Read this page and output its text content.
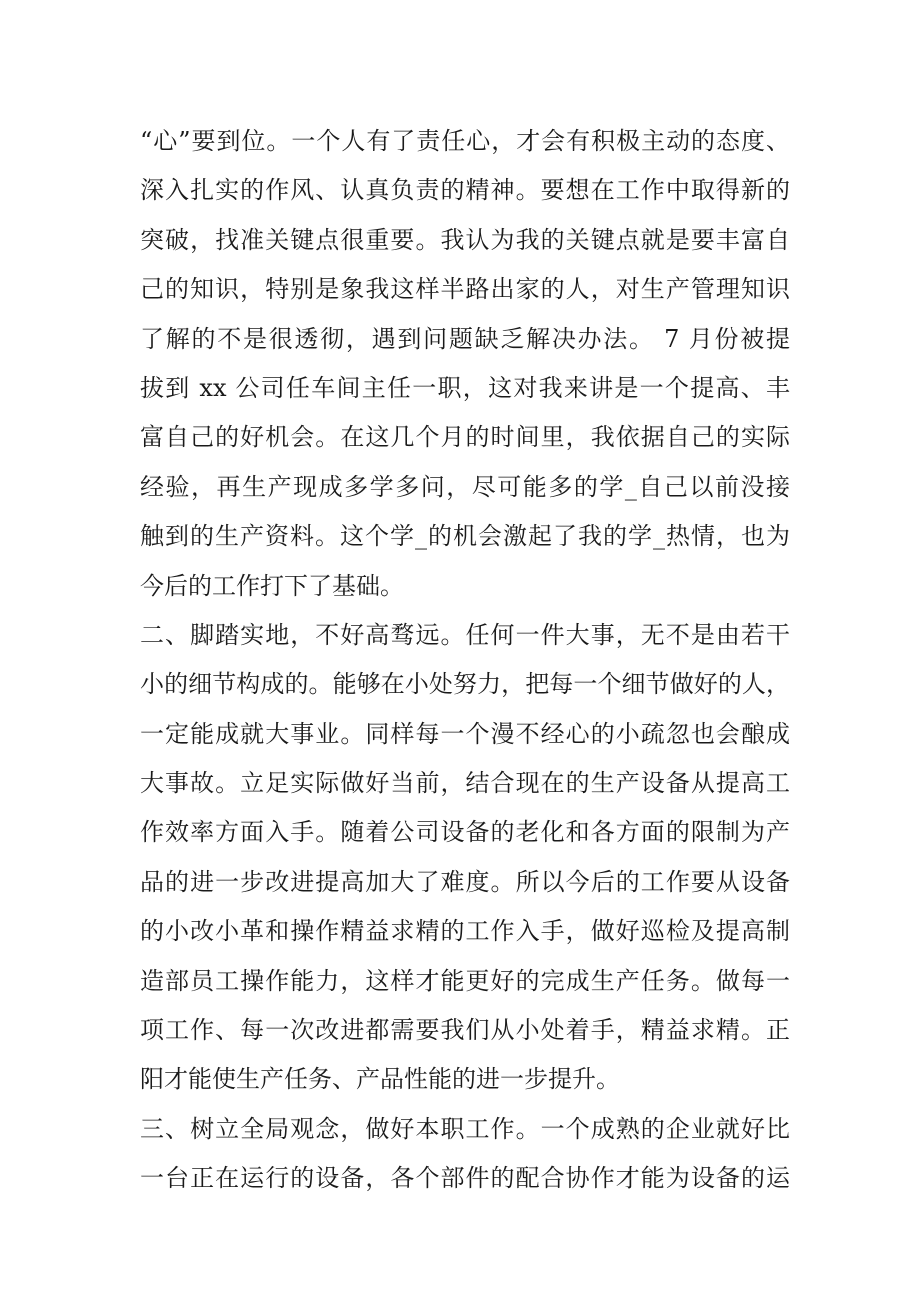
“心”要到位。一个人有了责任心，才会有积极主动的态度、
深入扎实的作风、认真负责的精神。要想在工作中取得新的
突破，找准关键点很重要。我认为我的关键点就是要丰富自
己的知识，特别是象我这样半路出家的人，对生产管理知识
了解的不是很透彻，遇到问题缺乏解决办法。 7 月份被提
拔到 xx 公司任车间主任一职，这对我来讲是一个提高、丰
富自己的好机会。在这几个月的时间里，我依据自己的实际
经验，再生产现成多学多问，尽可能多的学_自己以前没接
触到的生产资料。这个学_的机会激起了我的学_热情，也为
今后的工作打下了基础。
二、脚踏实地，不好高骛远。任何一件大事，无不是由若干
小的细节构成的。能够在小处努力，把每一个细节做好的人，
一定能成就大事业。同样每一个漫不经心的小疏忽也会酿成
大事故。立足实际做好当前，结合现在的生产设备从提高工
作效率方面入手。随着公司设备的老化和各方面的限制为产
品的进一步改进提高加大了难度。所以今后的工作要从设备
的小改小革和操作精益求精的工作入手，做好巡检及提高制
造部员工操作能力，这样才能更好的完成生产任务。做每一
项工作、每一次改进都需要我们从小处着手，精益求精。正
阳才能使生产任务、产品性能的进一步提升。
三、树立全局观念，做好本职工作。一个成熟的企业就好比
一台正在运行的设备，各个部件的配合协作才能为设备的运
